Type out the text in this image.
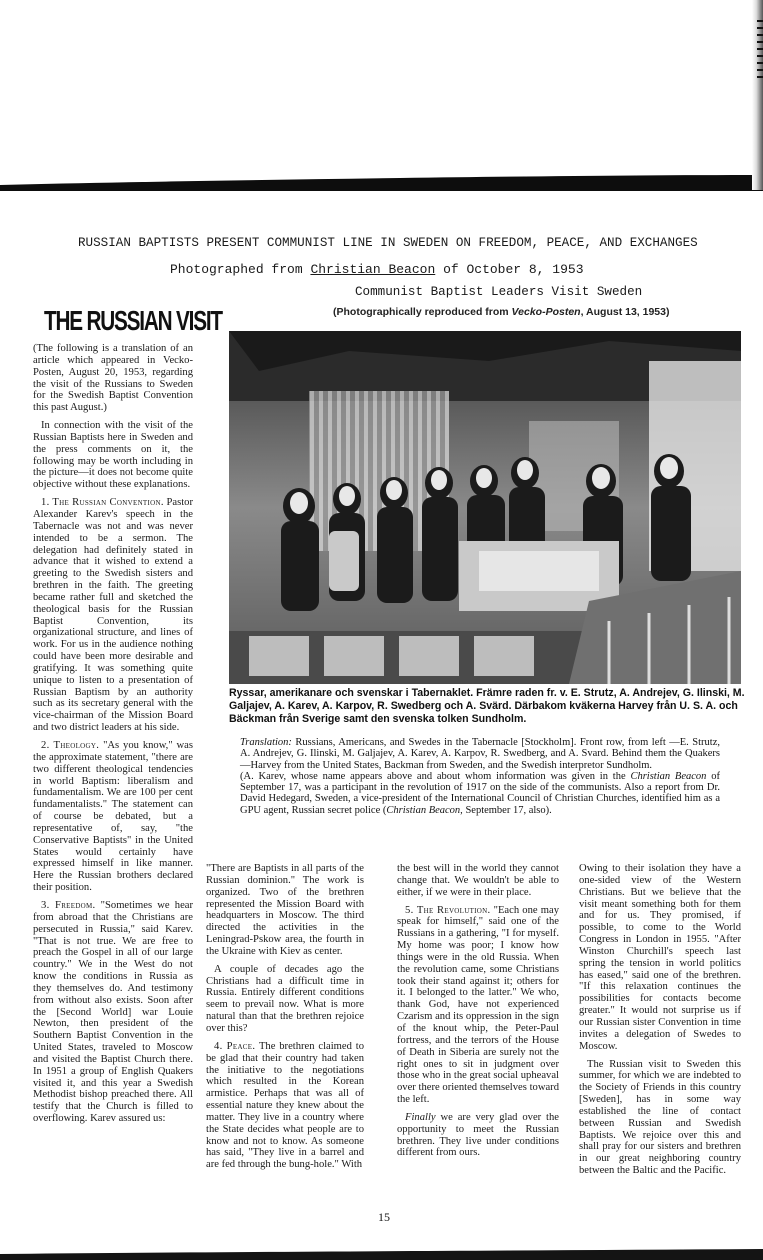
RUSSIAN BAPTISTS PRESENT COMMUNIST LINE IN SWEDEN ON FREEDOM, PEACE, AND EXCHANGES
Photographed from Christian Beacon of October 8, 1953
Communist Baptist Leaders Visit Sweden
(Photographically reproduced from Vecko-Posten, August 13, 1953)
THE RUSSIAN VISIT

(The following is a translation of an article which appeared in Vecko-Posten, August 20, 1953, regarding the visit of the Russians to Sweden for the Swedish Baptist Convention this past August.)

In connection with the visit of the Russian Baptists here in Sweden and the press comments on it, the following may be worth including in the picture—it does not become quite objective without these explanations.

1. The Russian Convention. Pastor Alexander Karev's speech in the Tabernacle was not and was never intended to be a sermon. The delegation had definitely stated in advance that it wished to extend a greeting to the Swedish sisters and brethren in the faith. The greeting became rather full and sketched the theological basis for the Russian Baptist Convention, its organizational structure, and lines of work. For us in the audience nothing could have been more desirable and gratifying. It was something quite unique to listen to a presentation of Russian Baptism by an authority such as its secretary general with the vice-chairman of the Mission Board and two district leaders at his side.

2. Theology. "As you know," was the approximate statement, "there are two different theological tendencies in world Baptism: liberalism and fundamentalism. We are 100 per cent fundamentalists." The statement can of course be debated, but a representative of, say, "the Conservative Baptists" in the United States would certainly have expressed himself in like manner. Here the Russian brothers declared their position.

3. Freedom. "Sometimes we hear from abroad that the Christians are persecuted in Russia," said Karev. "That is not true. We are free to preach the Gospel in all of our large country." We in the West do not know the conditions in Russia as they themselves do. And testimony from without also exists. Soon after the [Second World] war Louie Newton, then president of the Southern Baptist Convention in the United States, traveled to Moscow and visited the Baptist Church there. In 1951 a group of English Quakers visited it, and this year a Swedish Methodist bishop preached there. All testify that the Church is filled to overflowing. Karev assured us:

Ryssar, amerikanare och svenskar i Tabernaklet. Främre raden fr. v. E. Strutz, A. Andrejev, G. Ilinski, M. Galjajev, A. Karev, A. Karpov, R. Swedberg och A. Svärd. Därbakom kväkerna Harvey från U. S. A. och Bäckman från Sverige samt den svenska tolken Sundholm.
Translation: Russians, Americans, and Swedes in the Tabernacle [Stockholm]. Front row, from left —E. Strutz, A. Andrejev, G. Ilinski, M. Galjajev, A. Karev, A. Karpov, R. Swedberg, and A. Svard. Behind them the Quakers—Harvey from the United States, Backman from Sweden, and the Swedish interpretor Sundholm.
(A. Karev, whose name appears above and about whom information was given in the Christian Beacon of September 17, was a participant in the revolution of 1917 on the side of the communists. Also a report from Dr. David Hedegard, Sweden, a vice-president of the International Council of Christian Churches, identified him as a GPU agent, Russian secret police (Christian Beacon, September 17, also).

"There are Baptists in all parts of the Russian dominion." The work is organized. Two of the brethren represented the Mission Board with headquarters in Moscow. The third directed the activities in the Leningrad-Pskow area, the fourth in the Ukraine with Kiev as center.

A couple of decades ago the Christians had a difficult time in Russia. Entirely different conditions seem to prevail now. What is more natural than that the brethren rejoice over this?

4. Peace. The brethren claimed to be glad that their country had taken the initiative to the negotiations which resulted in the Korean armistice. Perhaps that was all of essential nature they knew about the matter. They live in a country where the State decides what people are to know and not to know. As someone has said, "They live in a barrel and are fed through the bung-hole." With

the best will in the world they cannot change that. We wouldn't be able to either, if we were in their place.

5. The Revolution. "Each one may speak for himself," said one of the Russians in a gathering, "I for myself. My home was poor; I know how things were in the old Russia. When the revolution came, some Christians took their stand against it; others for it. I belonged to the latter." We who, thank God, have not experienced Czarism and its oppression in the sign of the knout whip, the Peter-Paul fortress, and the terrors of the House of Death in Siberia are surely not the right ones to sit in judgment over those who in the great social upheaval over there oriented themselves toward the left.

Finally we are very glad over the opportunity to meet the Russian brethren. They live under conditions different from ours.

Owing to their isolation they have a one-sided view of the Western Christians. But we believe that the visit meant something both for them and for us. They promised, if possible, to come to the World Congress in London in 1955. "After Winston Churchill's speech last spring the tension in world politics has eased," said one of the brethren. "If this relaxation continues the possibilities for contacts become greater." It would not surprise us if our Russian sister Convention in time invites a delegation of Swedes to Moscow.

The Russian visit to Sweden this summer, for which we are indebted to the Society of Friends in this country [Sweden], has in some way established the line of contact between Russian and Swedish Baptists. We rejoice over this and shall pray for our sisters and brethren in our great neighboring country between the Baltic and the Pacific.

15
